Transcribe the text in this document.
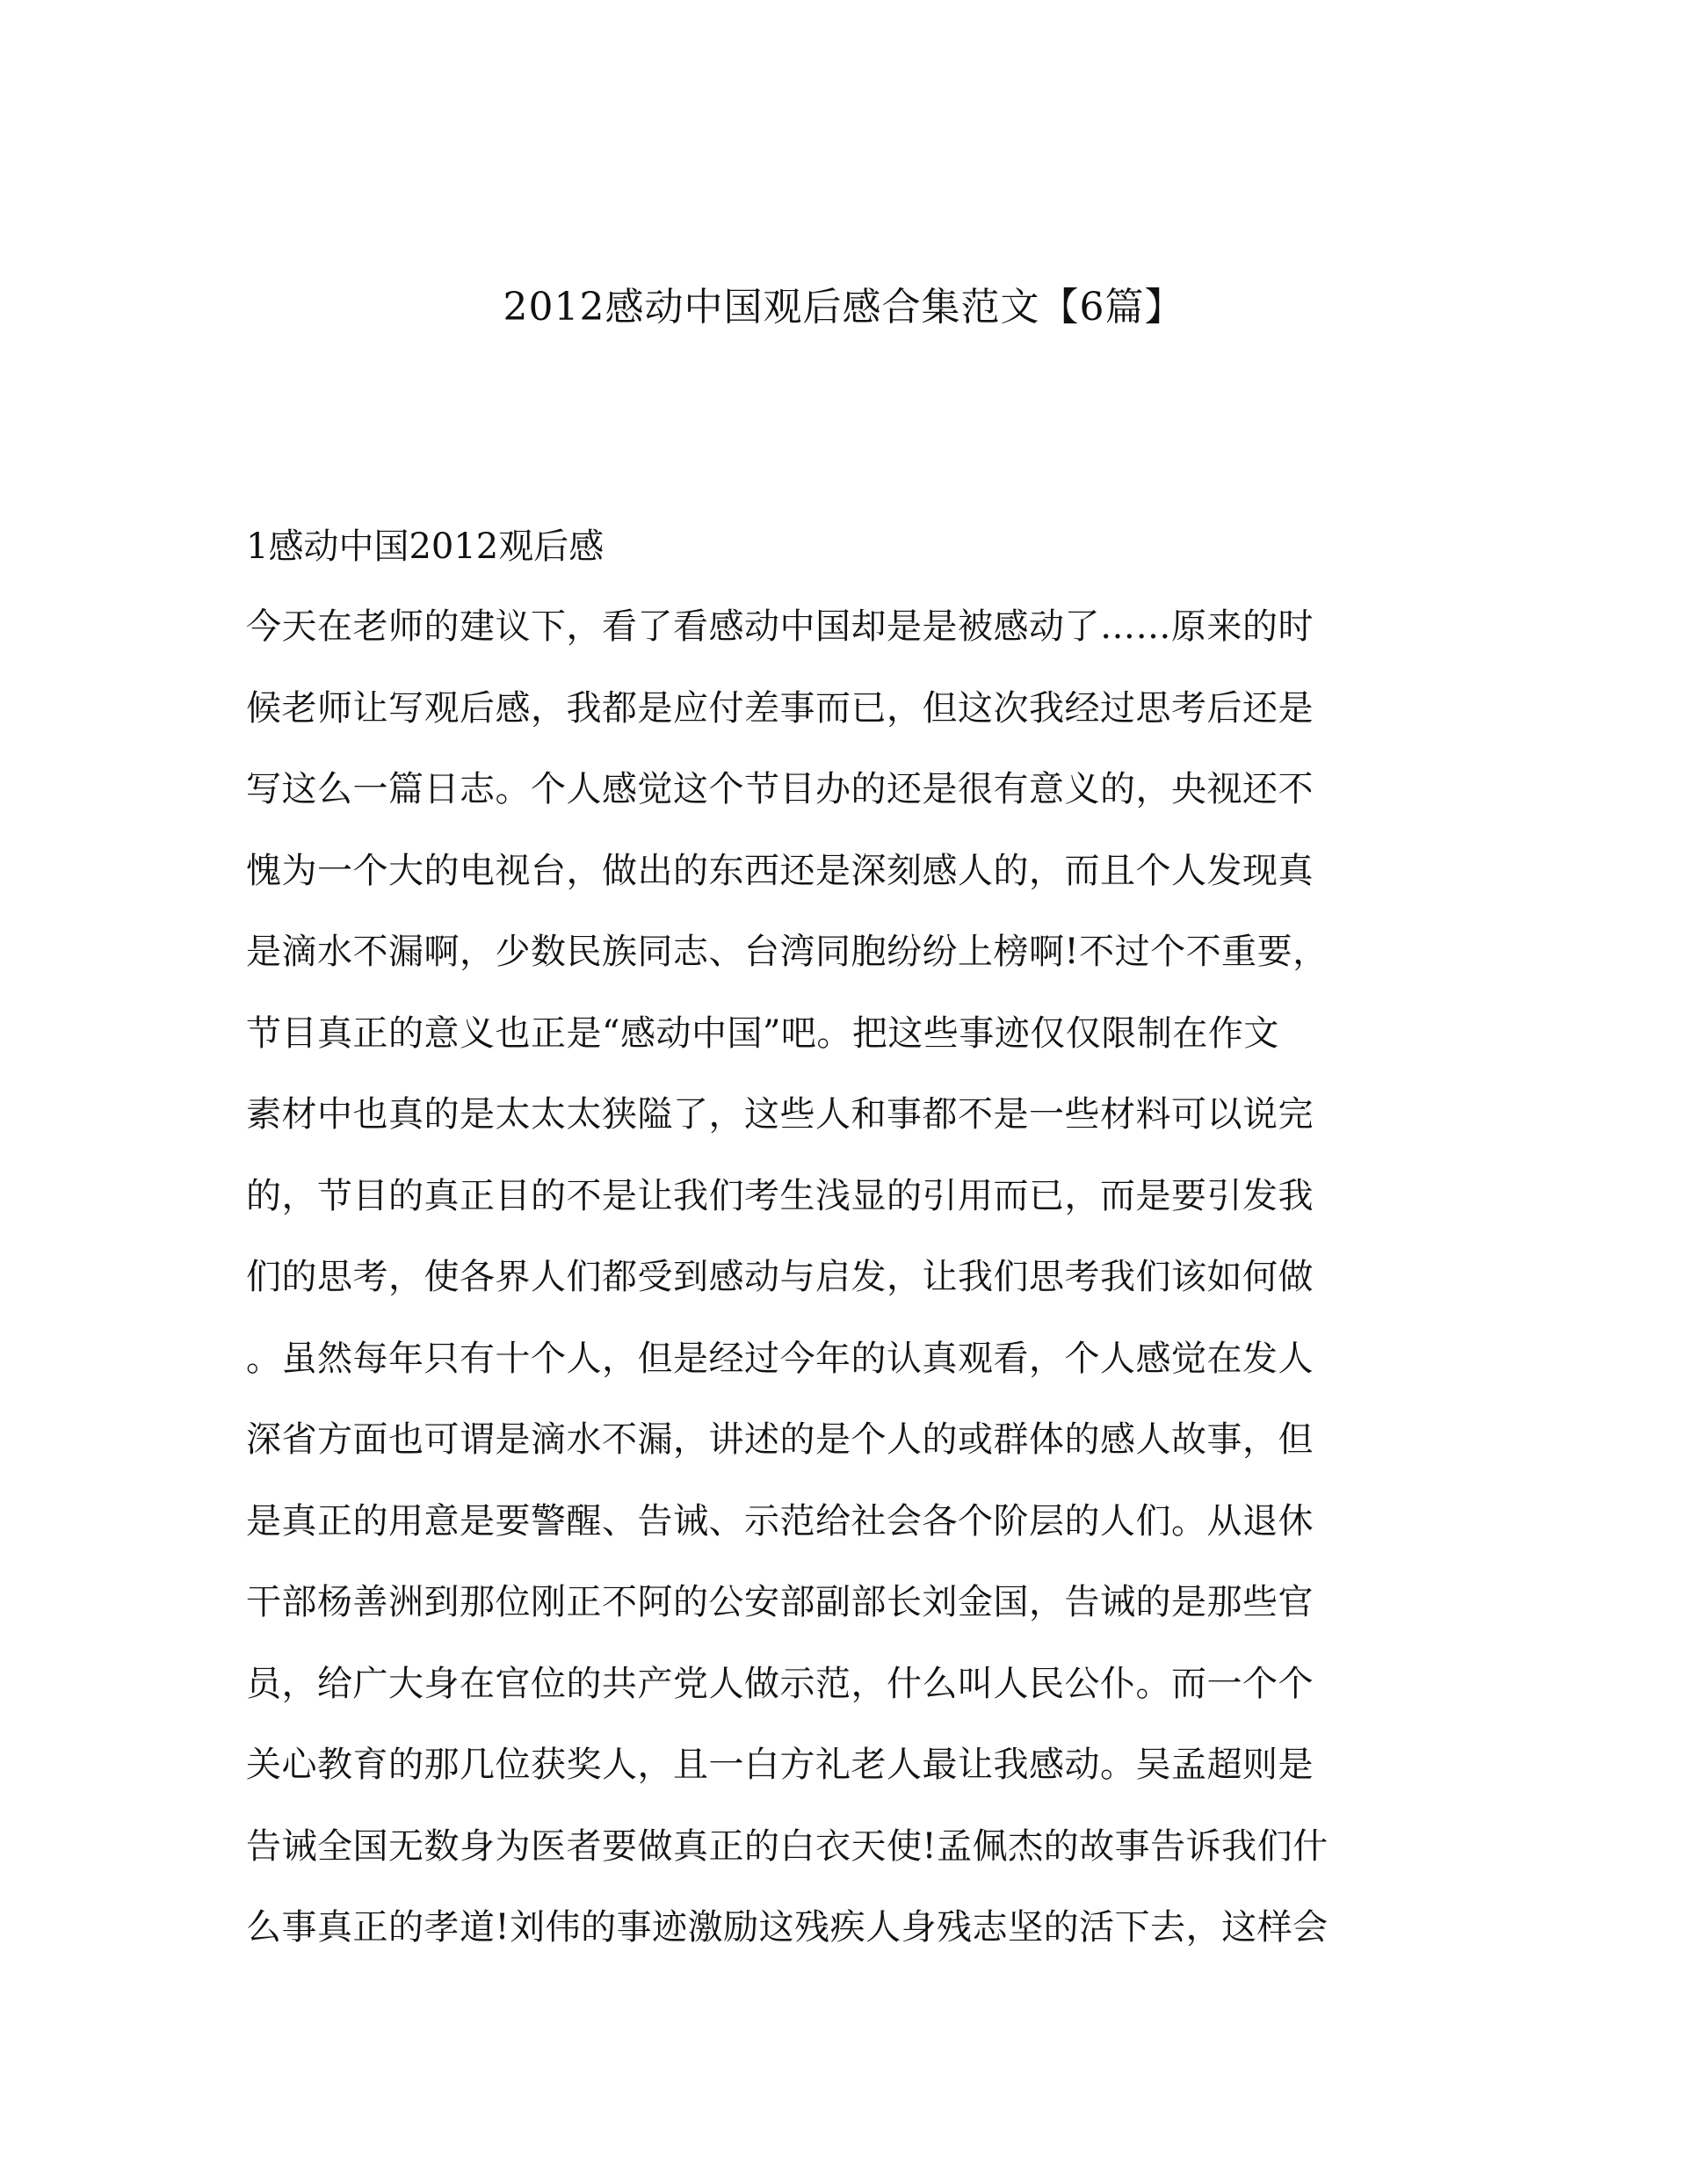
2012感动中国观后感合集范文【6篇】
1感动中国2012观后感
今天在老师的建议下，看了看感动中国却是是被感动了……原来的时
候老师让写观后感，我都是应付差事而已，但这次我经过思考后还是
写这么一篇日志。个人感觉这个节目办的还是很有意义的，央视还不
愧为一个大的电视台，做出的东西还是深刻感人的，而且个人发现真
是滴水不漏啊，少数民族同志、台湾同胞纷纷上榜啊!不过个不重要，
节目真正的意义也正是“感动中国”吧。把这些事迹仅仅限制在作文
素材中也真的是太太太狭隘了，这些人和事都不是一些材料可以说完
的，节目的真正目的不是让我们考生浅显的引用而已，而是要引发我
们的思考，使各界人们都受到感动与启发，让我们思考我们该如何做
。虽然每年只有十个人，但是经过今年的认真观看，个人感觉在发人
深省方面也可谓是滴水不漏，讲述的是个人的或群体的感人故事，但
是真正的用意是要警醒、告诫、示范给社会各个阶层的人们。从退休
干部杨善洲到那位刚正不阿的公安部副部长刘金国，告诫的是那些官
员，给广大身在官位的共产党人做示范，什么叫人民公仆。而一个个
关心教育的那几位获奖人，且一白方礼老人最让我感动。吴孟超则是
告诫全国无数身为医者要做真正的白衣天使!孟佩杰的故事告诉我们什
么事真正的孝道!刘伟的事迹激励这残疾人身残志坚的活下去，这样会
